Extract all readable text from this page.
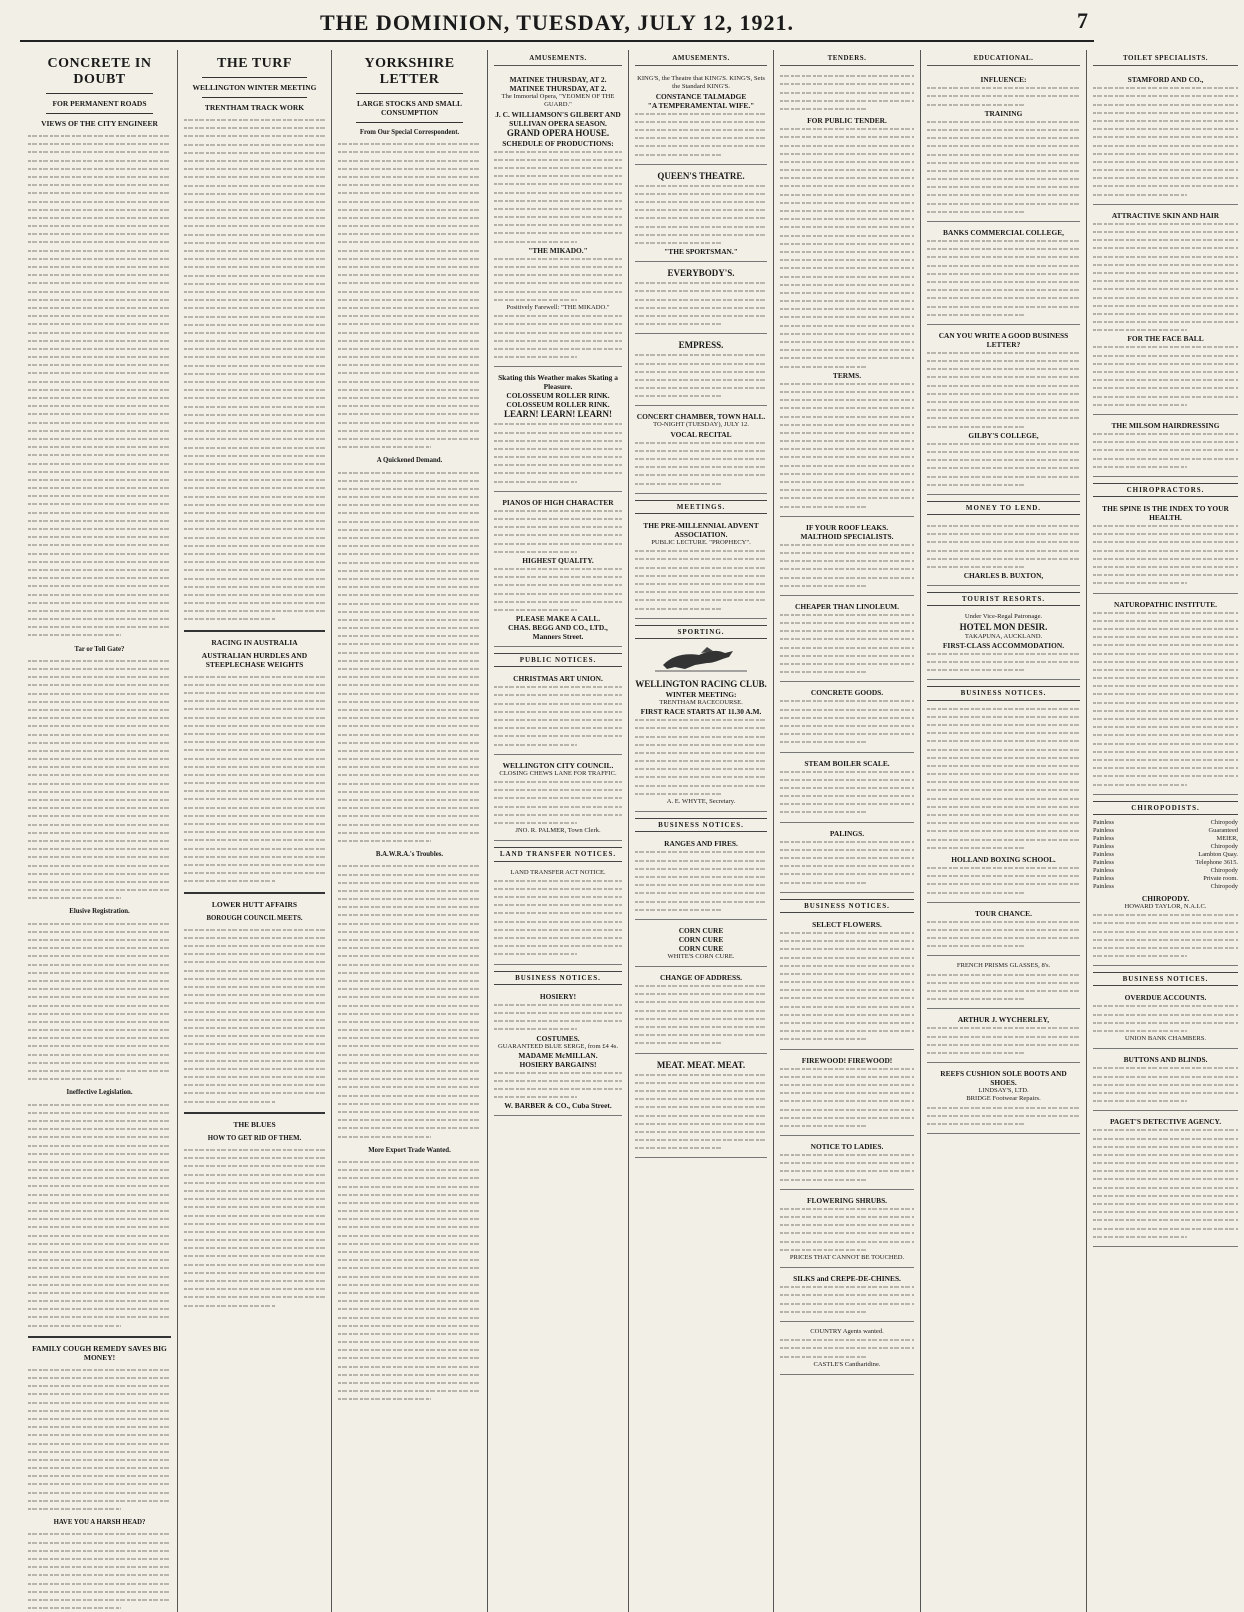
THE DOMINION, TUESDAY, JULY 12, 1921.	7
CONCRETE IN DOUBT
FOR PERMANENT ROADS
VIEWS OF THE CITY ENGINEER
Tar or Toll Gate?
Elusive Registration.
Ineffective Legislation.
FAMILY COUGH REMEDY SAVES BIG MONEY!
HAVE YOU A HARSH HEAD?
THE TURF
WELLINGTON WINTER MEETING
TRENTHAM TRACK WORK
RACING IN AUSTRALIA
AUSTRALIAN HURDLES AND STEEPLECHASE WEIGHTS
LOWER HUTT AFFAIRS
BOROUGH COUNCIL MEETS.
THE BLUES
HOW TO GET RID OF THEM.
YORKSHIRE LETTER
LARGE STOCKS AND SMALL CONSUMPTION
From Our Special Correspondent.
A Quickened Demand.
B.A.W.R.A.'s Troubles.
More Export Trade Wanted.
AMUSEMENTS.
MATINEE THURSDAY, AT 2.
MATINEE THURSDAY, AT 2.
The Immortal Opera, "YEOMEN OF THE GUARD."
J. C. WILLIAMSON'S GILBERT AND SULLIVAN OPERA SEASON.
GRAND OPERA HOUSE.
SCHEDULE OF PRODUCTIONS:
"THE MIKADO."
Positively Farewell: "THE MIKADO."
Skating this Weather makes Skating a Pleasure.
COLOSSEUM ROLLER RINK. COLOSSEUM ROLLER RINK.
LEARN! LEARN! LEARN!
PIANOS OF HIGH CHARACTER
HIGHEST QUALITY.
PLEASE MAKE A CALL.
CHAS. BEGG AND CO., LTD., Manners Street.
PUBLIC NOTICES.
CHRISTMAS ART UNION.
WELLINGTON CITY COUNCIL.
CLOSING CHEWS LANE FOR TRAFFIC.
JNO. R. PALMER, Town Clerk.
LAND TRANSFER NOTICES.
LAND TRANSFER ACT NOTICE.
BUSINESS NOTICES.
HOSIERY!
COSTUMES.
GUARANTEED BLUE SERGE, from £4 4s.
MADAME McMILLAN.
HOSIERY BARGAINS!
W. BARBER & CO., Cuba Street.
AMUSEMENTS.
KING'S, the Theatre that KING'S. KING'S, Sets the Standard KING'S.
CONSTANCE TALMADGE
"A TEMPERAMENTAL WIFE."
QUEEN'S THEATRE.
"THE SPORTSMAN."
EVERYBODY'S.
EMPRESS.
CONCERT CHAMBER, TOWN HALL.
TO-NIGHT (TUESDAY), JULY 12.
VOCAL RECITAL
MEETINGS.
THE PRE-MILLENNIAL ADVENT ASSOCIATION.
PUBLIC LECTURE. "PROPHECY".
SPORTING.
WELLINGTON RACING CLUB.
WINTER MEETING:
TRENTHAM RACECOURSE.
FIRST RACE STARTS AT 11.30 A.M.
A. E. WHYTE, Secretary.
BUSINESS NOTICES.
RANGES AND FIRES.
CORN CURE
CORN CURE
CORN CURE
WHITE'S CORN CURE.
CHANGE OF ADDRESS.
MEAT. MEAT. MEAT.
TENDERS.
FOR PUBLIC TENDER.
TERMS.
IF YOUR ROOF LEAKS.
MALTHOID SPECIALISTS.
CHEAPER THAN LINOLEUM.
CONCRETE GOODS.
STEAM BOILER SCALE.
PALINGS.
BUSINESS NOTICES.
SELECT FLOWERS.
FIREWOOD! FIREWOOD!
NOTICE TO LADIES.
FLOWERING SHRUBS.
PRICES THAT CANNOT BE TOUCHED.
SILKS and CREPE-DE-CHINES.
COUNTRY Agents wanted.
CASTLE'S Cantharidine.
EDUCATIONAL.
INFLUENCE:
TRAINING
BANKS COMMERCIAL COLLEGE,
CAN YOU WRITE A GOOD BUSINESS LETTER?
GILBY'S COLLEGE,
MONEY TO LEND.
CHARLES B. BUXTON,
TOURIST RESORTS.
Under Vice-Regal Patronage.
HOTEL MON DESIR.
TAKAPUNA, AUCKLAND.
FIRST-CLASS ACCOMMODATION.
BUSINESS NOTICES.
HOLLAND BOXING SCHOOL.
TOUR CHANCE.
FRENCH PRISMS GLASSES, 8's.
ARTHUR J. WYCHERLEY,
REEFS CUSHION SOLE BOOTS AND SHOES.
LINDSAY'S, LTD.
BRIDGE Footwear Repairs.
TOILET SPECIALISTS.
STAMFORD AND CO.,
ATTRACTIVE SKIN AND HAIR
FOR THE FACE BALL
THE MILSOM HAIRDRESSING
CHIROPRACTORS.
THE SPINE IS THE INDEX TO YOUR HEALTH.
NATUROPATHIC INSTITUTE.
CHIROPODISTS.
Painless	Chiropody
Painless	Guaranteed
Painless	MEIER,
Painless	Chiropody
Painless	Lambton Quay.
Painless	Telephone 3615.
Painless	Chiropody
Painless	Private room.
Painless	Chiropody
CHIROPODY.
HOWARD TAYLOR, N.A.I.C.
BUSINESS NOTICES.
OVERDUE ACCOUNTS.
UNION BANK CHAMBERS.
BUTTONS AND BLINDS.
PAGET'S DETECTIVE AGENCY.
